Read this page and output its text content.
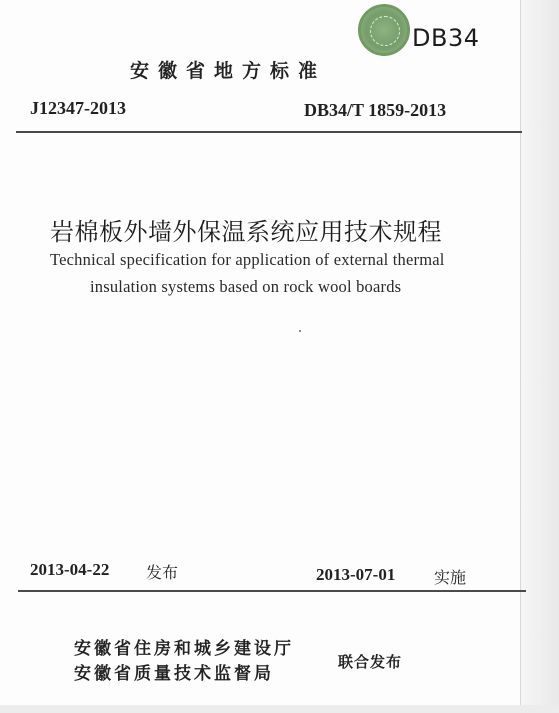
DB34
安徽省地方标准
J12347-2013	DB34/T 1859-2013
岩棉板外墙外保温系统应用技术规程
Technical specification for application of external thermal
insulation systems based on rock wool boards
2013-04-22 发布	2013-07-01 实施
安徽省住房和城乡建设厅
安徽省质量技术监督局
联合发布
